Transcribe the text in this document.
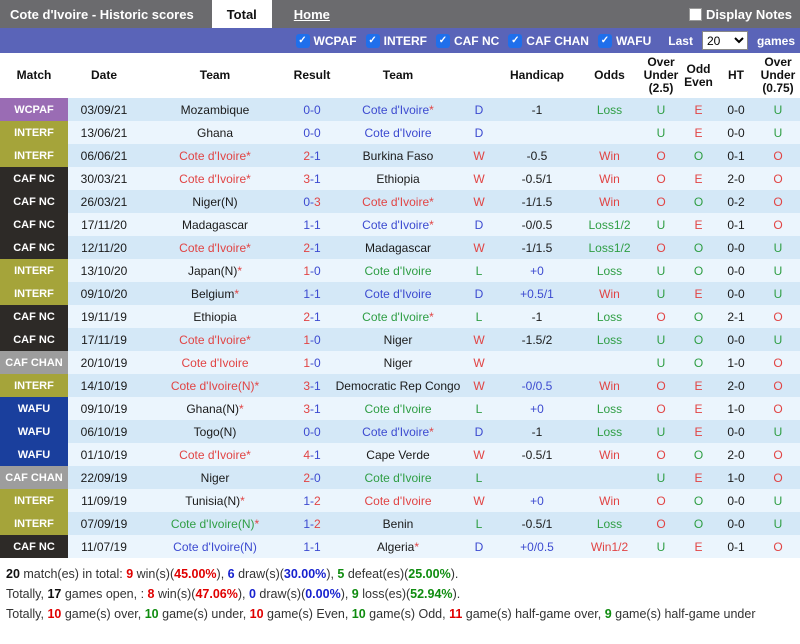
Cote d'Ivoire - Historic scores	Total	Home	Display Notes
✓ WCPAF ✓ INTERF ✓ CAF NC ✓ CAF CHAN ✓ WAFU Last
20	games
Match	Date	Team	Result	Team		Handicap	Odds	Over Under (2.5)	Odd Even	HT	Over Under (0.75)
WCPAF	03/09/21	Mozambique	0-0	Cote d'Ivoire*	D	-1	Loss	U	E	0-0	U
INTERF	13/06/21	Ghana	0-0	Cote d'Ivoire	D			U	E	0-0	U
INTERF	06/06/21	Cote d'Ivoire*	2-1	Burkina Faso	W	-0.5	Win	O	O	0-1	O
CAF NC	30/03/21	Cote d'Ivoire*	3-1	Ethiopia	W	-0.5/1	Win	O	E	2-0	O
CAF NC	26/03/21	Niger(N)	0-3	Cote d'Ivoire*	W	-1/1.5	Win	O	O	0-2	O
CAF NC	17/11/20	Madagascar	1-1	Cote d'Ivoire*	D	-0/0.5	Loss1/2	U	E	0-1	O
CAF NC	12/11/20	Cote d'Ivoire*	2-1	Madagascar	W	-1/1.5	Loss1/2	O	O	0-0	U
INTERF	13/10/20	Japan(N)*	1-0	Cote d'Ivoire	L	+0	Loss	U	O	0-0	U
INTERF	09/10/20	Belgium*	1-1	Cote d'Ivoire	D	+0.5/1	Win	U	E	0-0	U
CAF NC	19/11/19	Ethiopia	2-1	Cote d'Ivoire*	L	-1	Loss	O	O	2-1	O
CAF NC	17/11/19	Cote d'Ivoire*	1-0	Niger	W	-1.5/2	Loss	U	O	0-0	U
CAF CHAN	20/10/19	Cote d'Ivoire	1-0	Niger	W			U	O	1-0	O
INTERF	14/10/19	Cote d'Ivoire(N)*	3-1	Democratic Rep Congo	W	-0/0.5	Win	O	E	2-0	O
WAFU	09/10/19	Ghana(N)*	3-1	Cote d'Ivoire	L	+0	Loss	O	E	1-0	O
WAFU	06/10/19	Togo(N)	0-0	Cote d'Ivoire*	D	-1	Loss	U	E	0-0	U
WAFU	01/10/19	Cote d'Ivoire*	4-1	Cape Verde	W	-0.5/1	Win	O	O	2-0	O
CAF CHAN	22/09/19	Niger	2-0	Cote d'Ivoire	L			U	E	1-0	O
INTERF	11/09/19	Tunisia(N)*	1-2	Cote d'Ivoire	W	+0	Win	O	O	0-0	U
INTERF	07/09/19	Cote d'Ivoire(N)*	1-2	Benin	L	-0.5/1	Loss	O	O	0-0	U
CAF NC	11/07/19	Cote d'Ivoire(N)	1-1	Algeria*	D	+0/0.5	Win1/2	U	E	0-1	O

20 match(es) in total: 9 win(s)(45.00%), 6 draw(s)(30.00%), 5 defeat(es)(25.00%).

Totally, 17 games open, : 8 win(s)(47.06%), 0 draw(s)(0.00%), 9 loss(es)(52.94%).

Totally, 10 game(s) over, 10 game(s) under, 10 game(s) Even, 10 game(s) Odd, 11 game(s) half-game over, 9 game(s) half-game under
